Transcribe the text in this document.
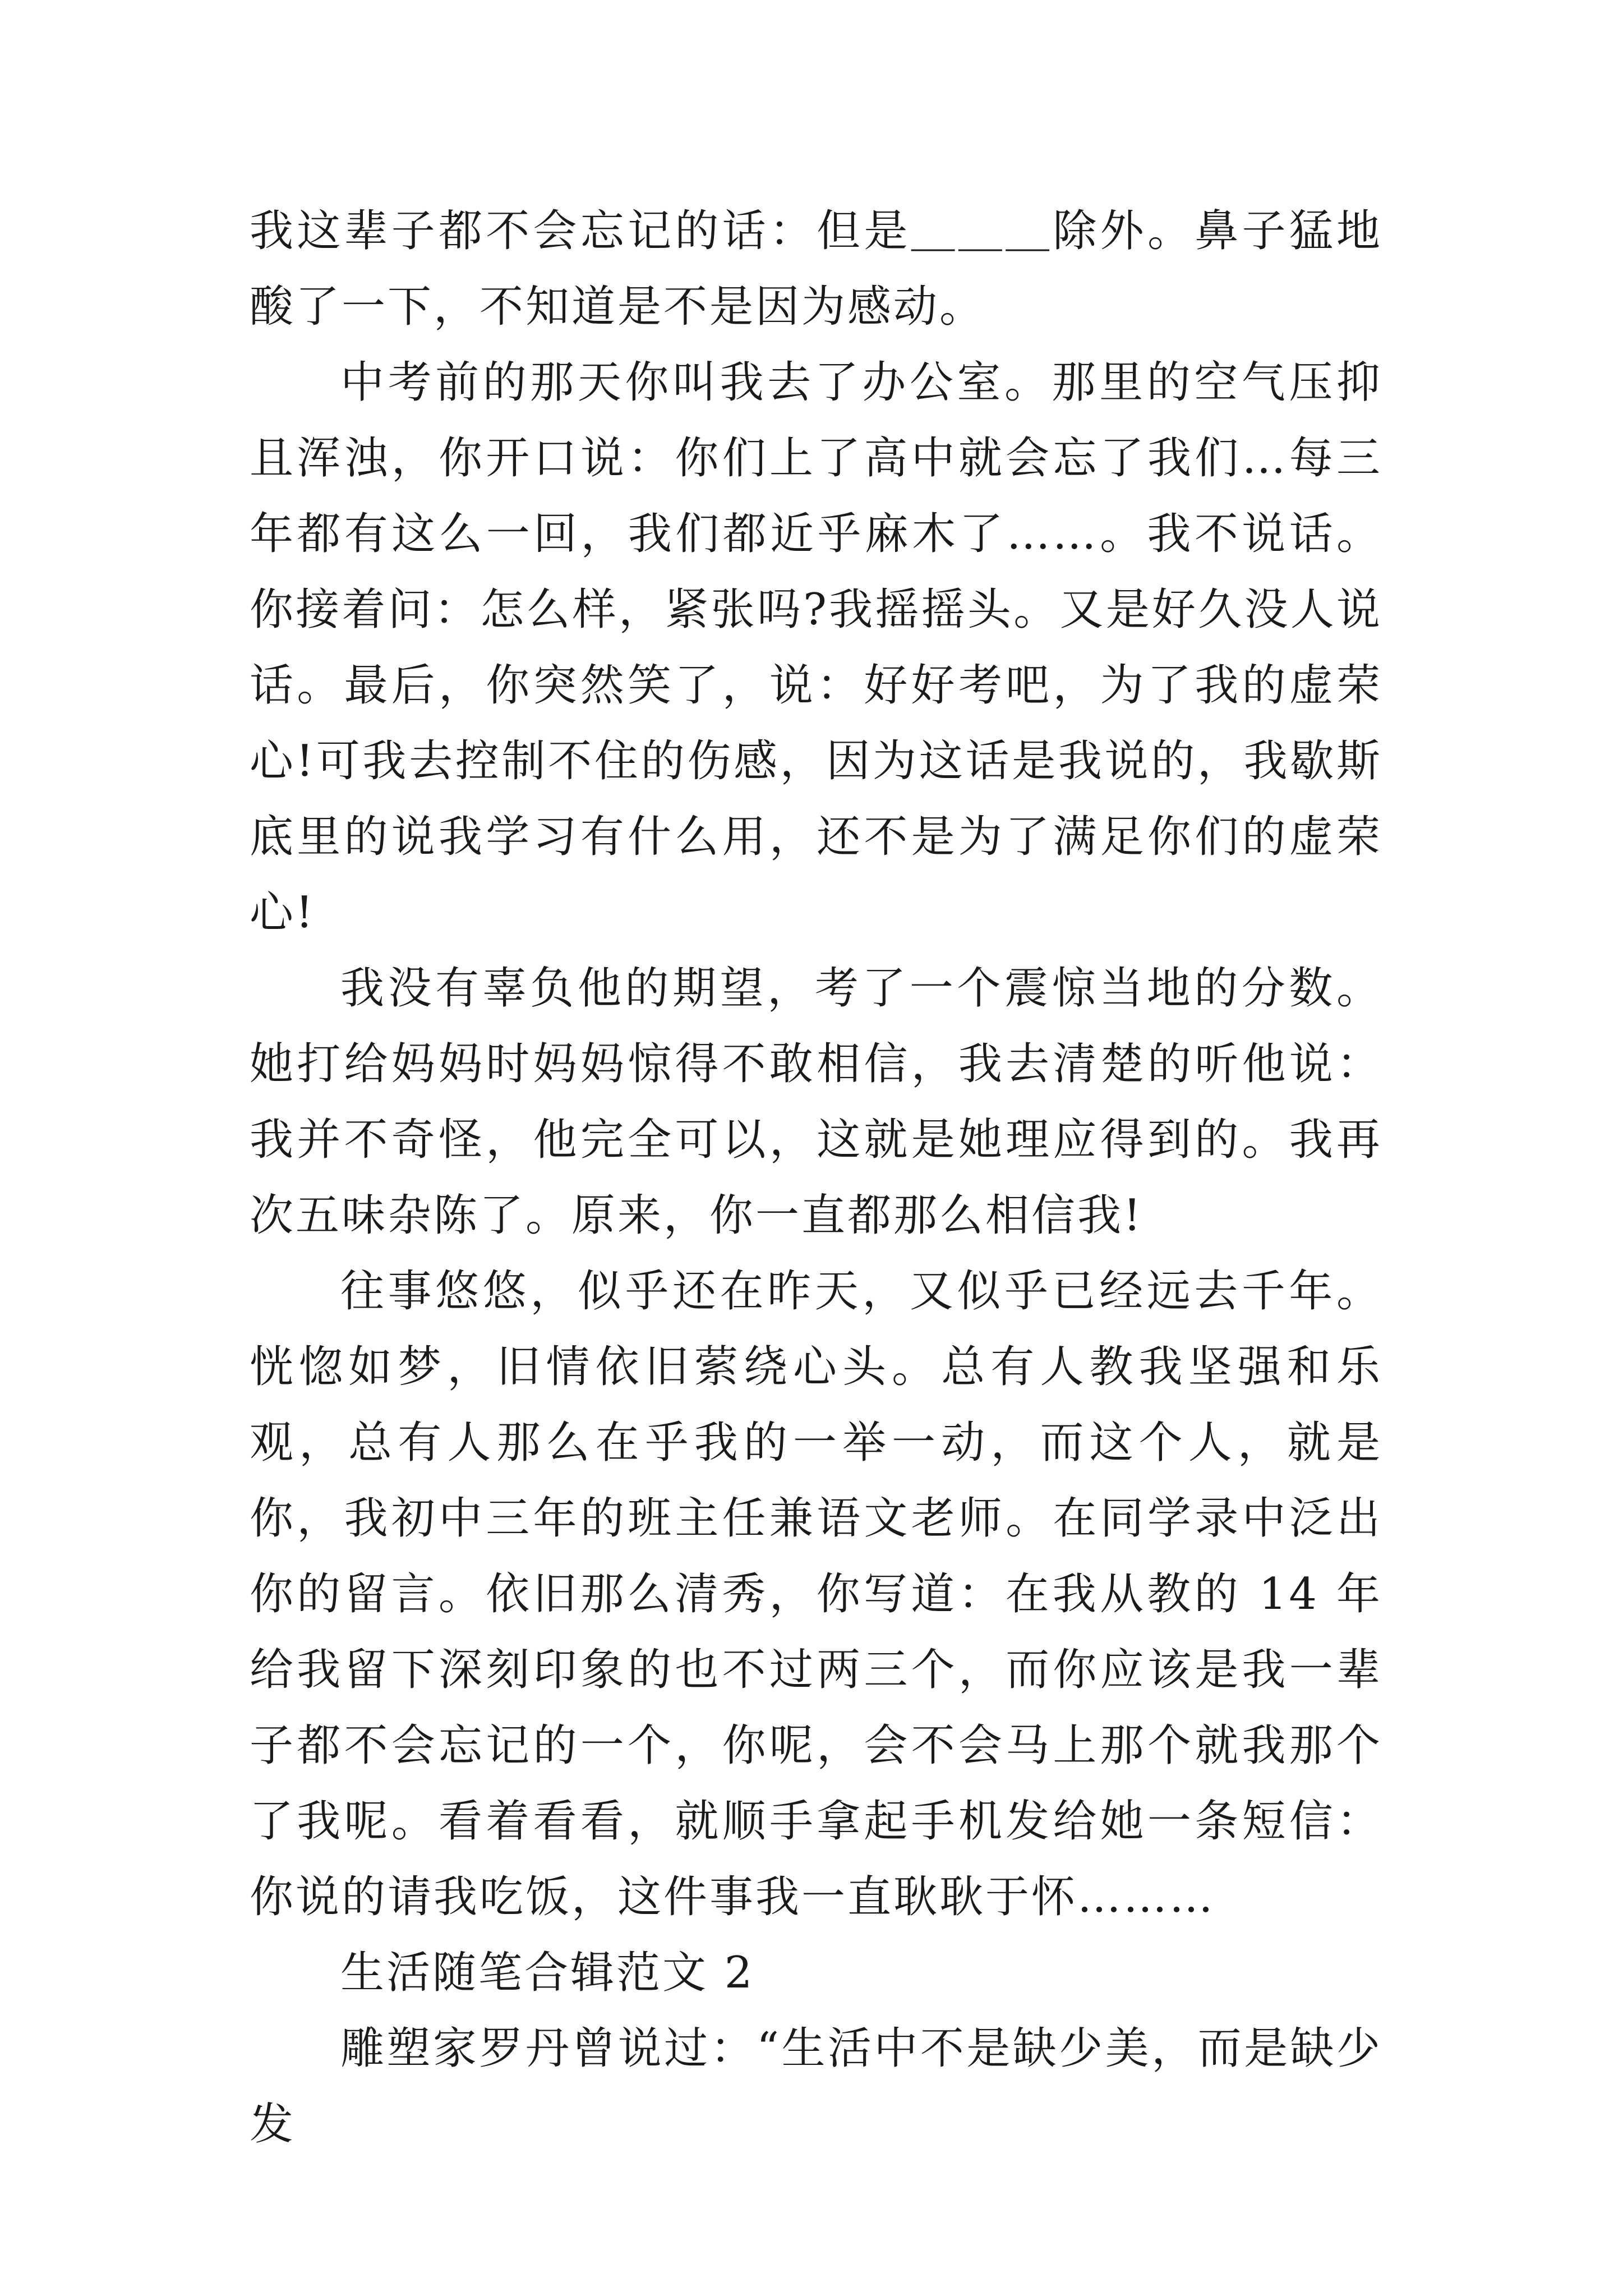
我这辈子都不会忘记的话：但是＿＿＿除外。鼻子猛地酸了一下，不知道是不是因为感动。

中考前的那天你叫我去了办公室。那里的空气压抑且浑浊，你开口说：你们上了高中就会忘了我们…每三年都有这么一回，我们都近乎麻木了……。我不说话。你接着问：怎么样，紧张吗?我摇摇头。又是好久没人说话。最后，你突然笑了，说：好好考吧，为了我的虚荣心!可我去控制不住的伤感，因为这话是我说的，我歇斯底里的说我学习有什么用，还不是为了满足你们的虚荣心!

我没有辜负他的期望，考了一个震惊当地的分数。她打给妈妈时妈妈惊得不敢相信，我去清楚的听他说：我并不奇怪，他完全可以，这就是她理应得到的。我再次五味杂陈了。原来，你一直都那么相信我!

往事悠悠，似乎还在昨天，又似乎已经远去千年。恍惚如梦，旧情依旧萦绕心头。总有人教我坚强和乐观，总有人那么在乎我的一举一动，而这个人，就是你，我初中三年的班主任兼语文老师。在同学录中泛出你的留言。依旧那么清秀，你写道：在我从教的 14 年给我留下深刻印象的也不过两三个，而你应该是我一辈子都不会忘记的一个，你呢，会不会马上那个就我那个了我呢。看着看看，就顺手拿起手机发给她一条短信：你说的请我吃饭，这件事我一直耿耿于怀………

生活随笔合辑范文 2

雕塑家罗丹曾说过：“生活中不是缺少美，而是缺少发
